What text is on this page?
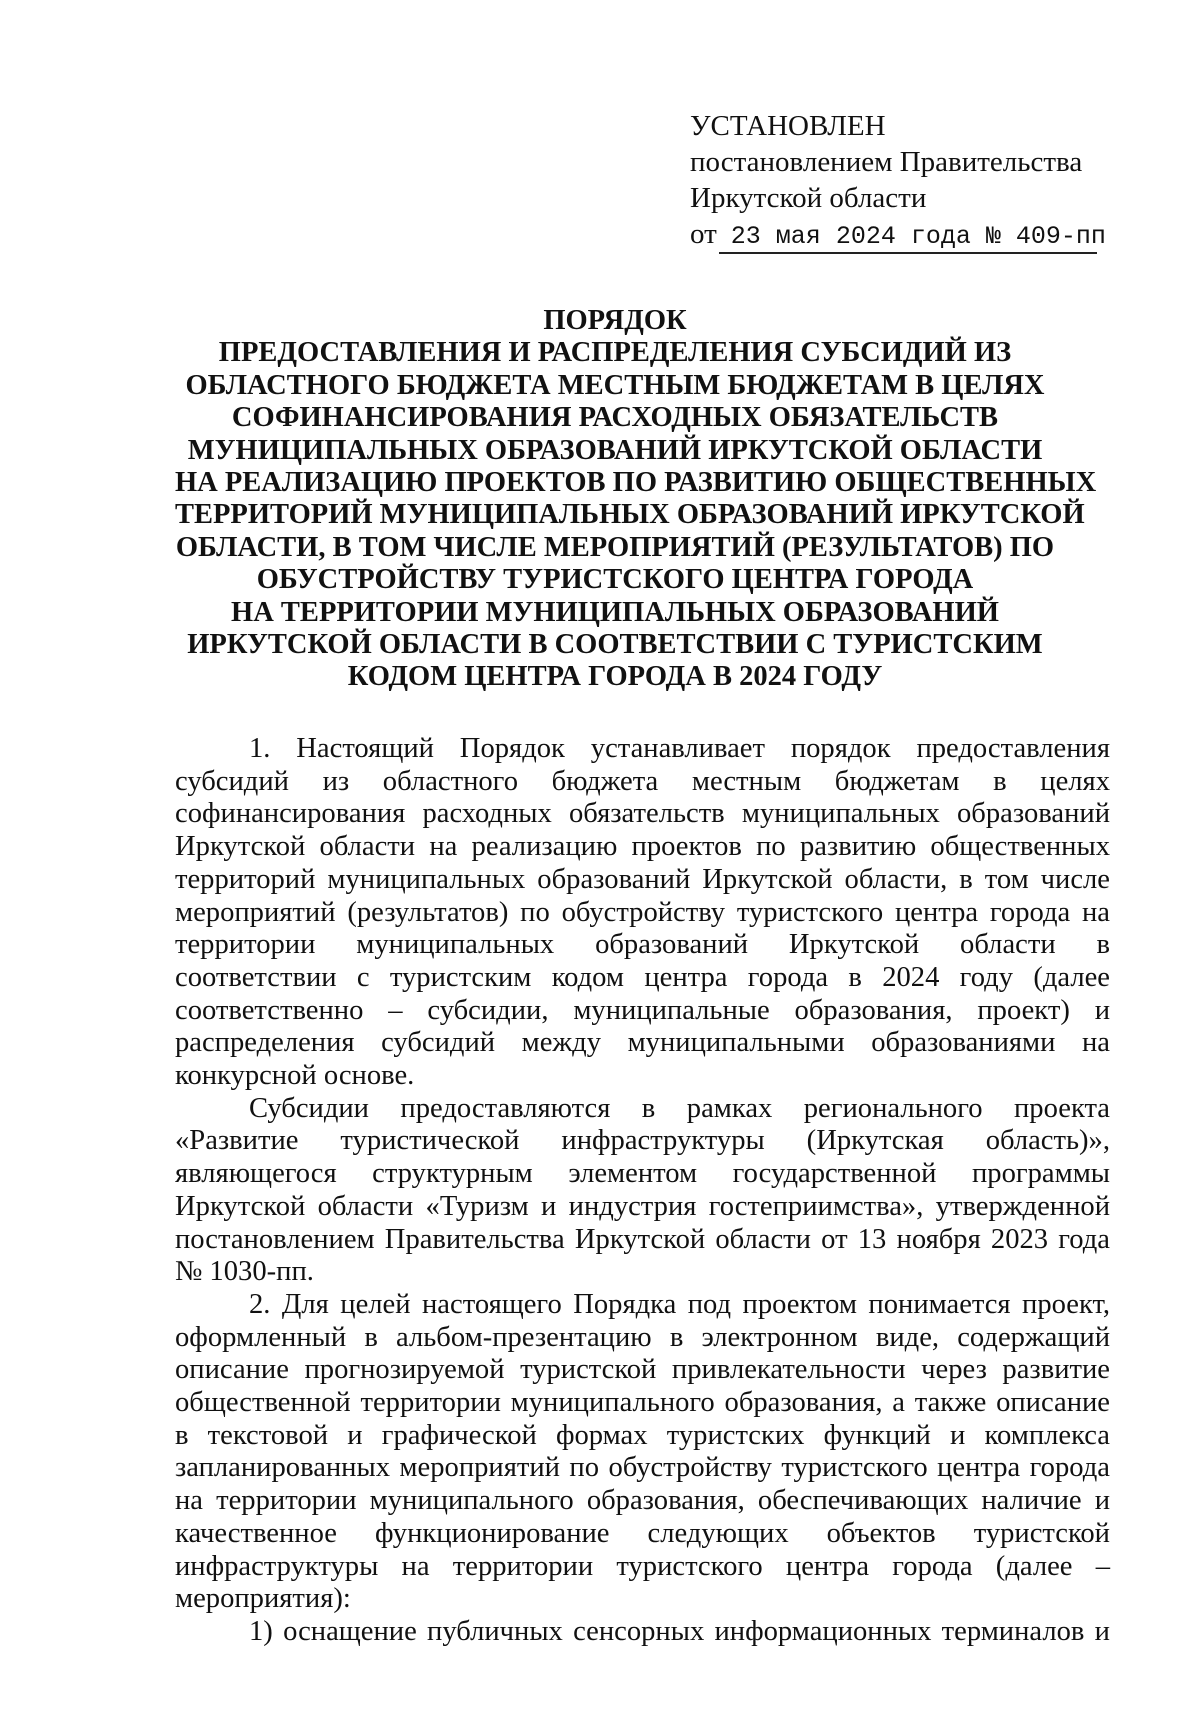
УСТАНОВЛЕН
постановлением Правительства
Иркутской области
от 23 мая 2024 года № 409-пп
ПОРЯДОК
ПРЕДОСТАВЛЕНИЯ И РАСПРЕДЕЛЕНИЯ СУБСИДИЙ ИЗ
ОБЛАСТНОГО БЮДЖЕТА МЕСТНЫМ БЮДЖЕТАМ В ЦЕЛЯХ
СОФИНАНСИРОВАНИЯ РАСХОДНЫХ ОБЯЗАТЕЛЬСТВ
МУНИЦИПАЛЬНЫХ ОБРАЗОВАНИЙ ИРКУТСКОЙ ОБЛАСТИ
НА РЕАЛИЗАЦИЮ ПРОЕКТОВ ПО РАЗВИТИЮ ОБЩЕСТВЕННЫХ
ТЕРРИТОРИЙ МУНИЦИПАЛЬНЫХ ОБРАЗОВАНИЙ ИРКУТСКОЙ
ОБЛАСТИ, В ТОМ ЧИСЛЕ МЕРОПРИЯТИЙ (РЕЗУЛЬТАТОВ) ПО
ОБУСТРОЙСТВУ ТУРИСТСКОГО ЦЕНТРА ГОРОДА
НА ТЕРРИТОРИИ МУНИЦИПАЛЬНЫХ ОБРАЗОВАНИЙ
ИРКУТСКОЙ ОБЛАСТИ В СООТВЕТСТВИИ С ТУРИСТСКИМ
КОДОМ ЦЕНТРА ГОРОДА В 2024 ГОДУ

1. Настоящий Порядок устанавливает порядок предоставления субсидий из областного бюджета местным бюджетам в целях софинансирования расходных обязательств муниципальных образований Иркутской области на реализацию проектов по развитию общественных территорий муниципальных образований Иркутской области, в том числе мероприятий (результатов) по обустройству туристского центра города на территории муниципальных образований Иркутской области в соответствии с туристским кодом центра города в 2024 году (далее соответственно – субсидии, муниципальные образования, проект) и распределения субсидий между муниципальными образованиями на конкурсной основе.

Субсидии предоставляются в рамках регионального проекта «Развитие туристической инфраструктуры (Иркутская область)», являющегося структурным элементом государственной программы Иркутской области «Туризм и индустрия гостеприимства», утвержденной постановлением Правительства Иркутской области от 13 ноября 2023 года № 1030-пп.

2. Для целей настоящего Порядка под проектом понимается проект, оформленный в альбом-презентацию в электронном виде, содержащий описание прогнозируемой туристской привлекательности через развитие общественной территории муниципального образования, а также описание в текстовой и графической формах туристских функций и комплекса запланированных мероприятий по обустройству туристского центра города на территории муниципального образования, обеспечивающих наличие и качественное функционирование следующих объектов туристской инфраструктуры на территории туристского центра города (далее – мероприятия):

1) оснащение публичных сенсорных информационных терминалов и
